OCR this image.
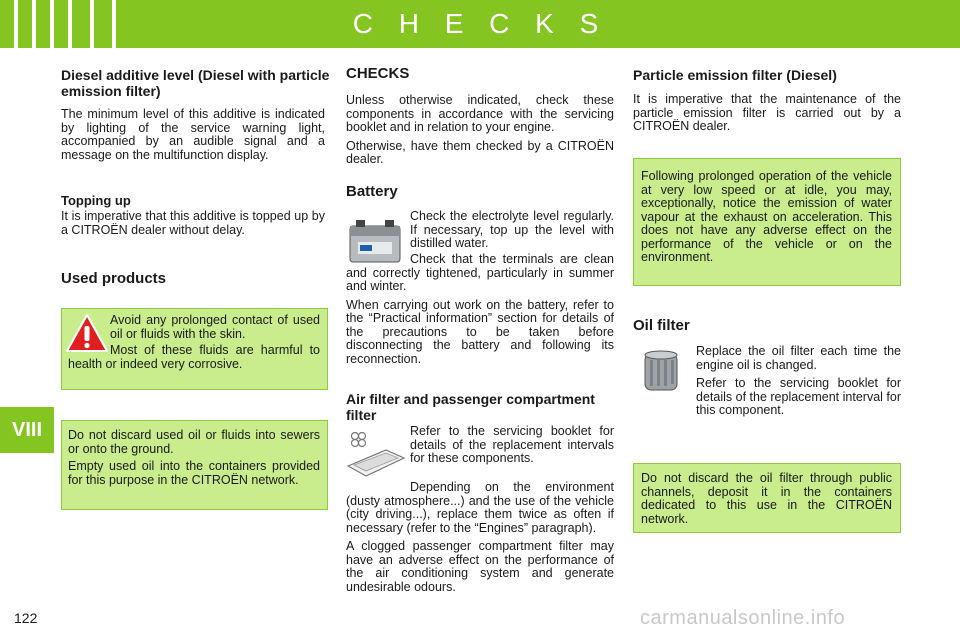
C H E C K S
VIII
Diesel additive level (Diesel with particle emission filter)

The minimum level of this additive is indicated by lighting of the service warning light, accompanied by an audible signal and a message on the multifunction display.

Topping up

It is imperative that this additive is topped up by a CITROËN dealer without delay.

Used products

Avoid any prolonged contact of used oil or fluids with the skin.

Most of these fluids are harmful to health or indeed very corrosive.

Do not discard used oil or fluids into sewers or onto the ground.

Empty used oil into the containers provided for this purpose in the CITROËN network.

CHECKS

Unless otherwise indicated, check these components in accordance with the servicing booklet and in relation to your engine.

Otherwise, have them checked by a CITROËN dealer.

Battery

Check the electrolyte level regularly. If necessary, top up the level with distilled water.

Check that the terminals are clean and correctly tightened, particularly in summer and winter.

When carrying out work on the battery, refer to the “Practical information” section for details of the precautions to be taken before disconnecting the battery and following its reconnection.

Air filter and passenger compartment filter

Refer to the servicing booklet for details of the replacement intervals for these components.

Depending on the environment (dusty atmosphere...) and the use of the vehicle (city driving...), replace them twice as often if necessary (refer to the “Engines” paragraph).

A clogged passenger compartment filter may have an adverse effect on the performance of the air conditioning system and generate undesirable odours.

Particle emission filter (Diesel)

It is imperative that the maintenance of the particle emission filter is carried out by a CITROËN dealer.

Following prolonged operation of the vehicle at very low speed or at idle, you may, exceptionally, notice the emission of water vapour at the exhaust on acceleration. This does not have any adverse effect on the performance of the vehicle or on the environment.

Oil filter

Replace the oil filter each time the engine oil is changed.

Refer to the servicing booklet for details of the replacement interval for this component.

Do not discard the oil filter through public channels, deposit it in the containers dedicated to this use in the CITROËN network.

122	carmanualsonline.info
